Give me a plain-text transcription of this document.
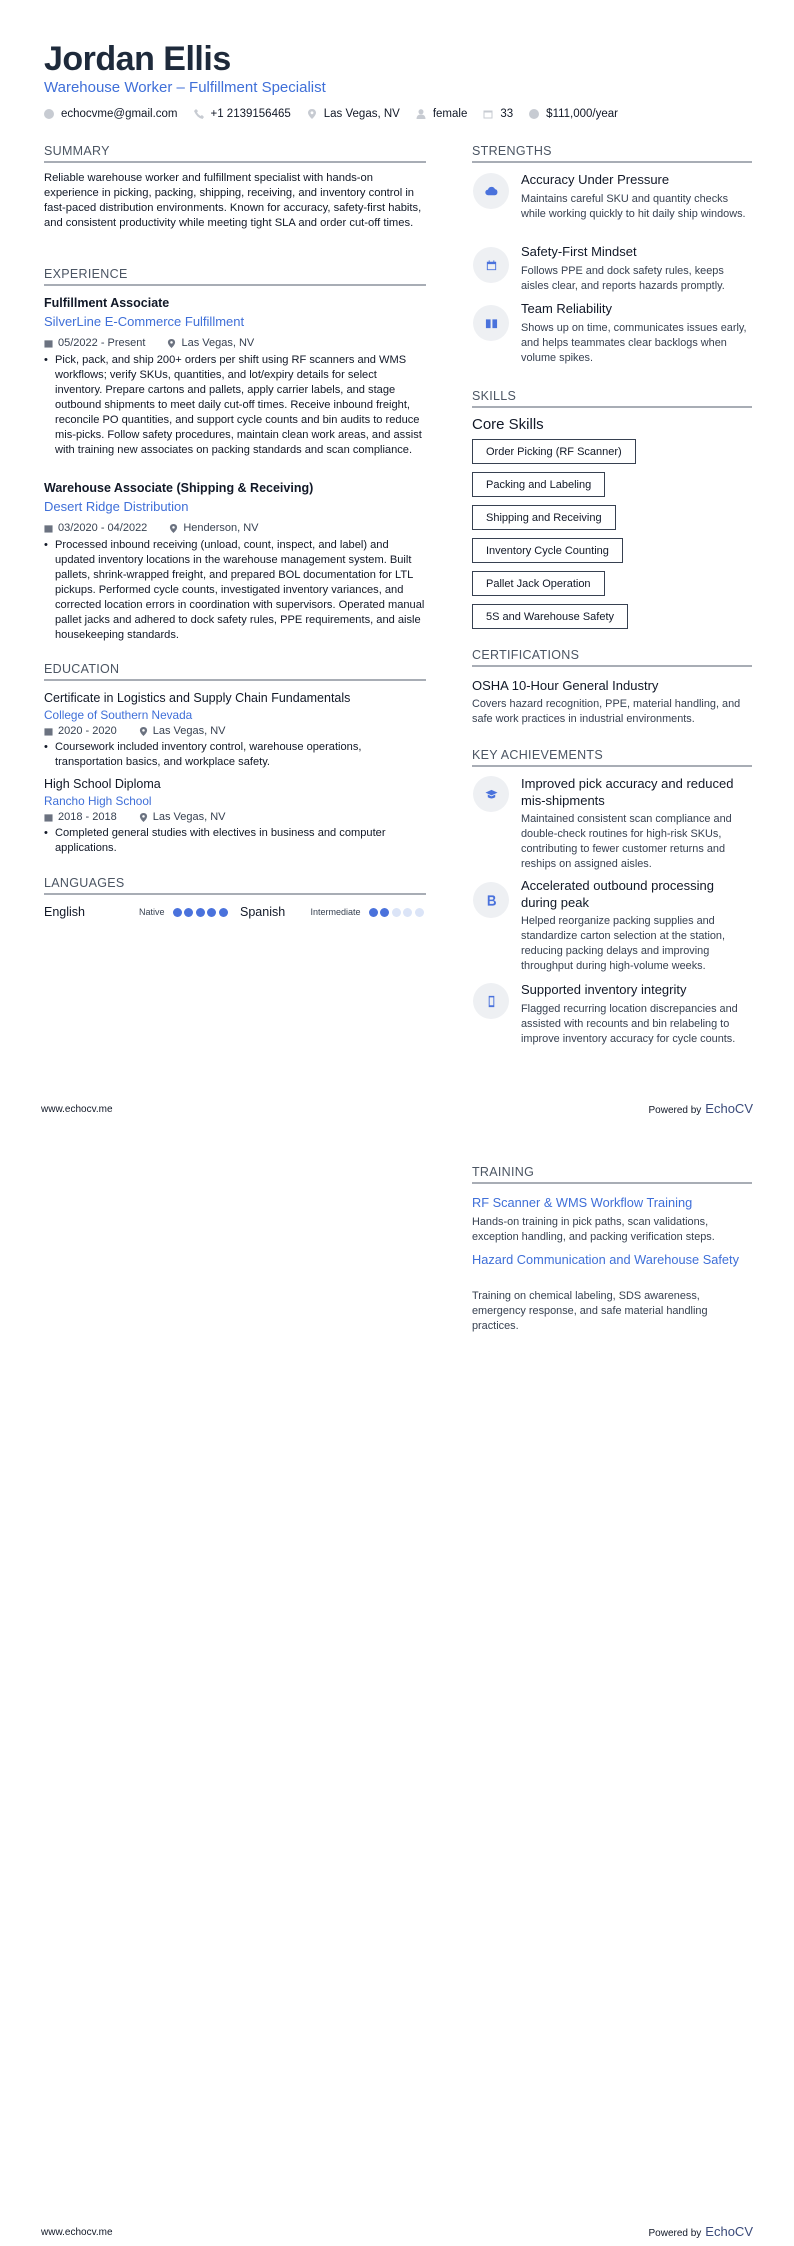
Jordan Ellis
Warehouse Worker – Fulfillment Specialist
echocvme@gmail.com	+1 2139156465	Las Vegas, NV	female	33	$111,000/year
SUMMARY
Reliable warehouse worker and fulfillment specialist with hands-on experience in picking, packing, shipping, receiving, and inventory control in fast-paced distribution environments. Known for accuracy, safety-first habits, and consistent productivity while meeting tight SLA and order cut-off times.
EXPERIENCE
Fulfillment Associate
SilverLine E-Commerce Fulfillment
05/2022 - Present	Las Vegas, NV
• Pick, pack, and ship 200+ orders per shift using RF scanners and WMS workflows; verify SKUs, quantities, and lot/expiry details for select inventory. Prepare cartons and pallets, apply carrier labels, and stage outbound shipments to meet daily cut-off times. Receive inbound freight, reconcile PO quantities, and support cycle counts and bin audits to reduce mis-picks. Follow safety procedures, maintain clean work areas, and assist with training new associates on packing standards and scan compliance.
Warehouse Associate (Shipping & Receiving)
Desert Ridge Distribution
03/2020 - 04/2022	Henderson, NV
• Processed inbound receiving (unload, count, inspect, and label) and updated inventory locations in the warehouse management system. Built pallets, shrink-wrapped freight, and prepared BOL documentation for LTL pickups. Performed cycle counts, investigated inventory variances, and corrected location errors in coordination with supervisors. Operated manual pallet jacks and adhered to dock safety rules, PPE requirements, and aisle housekeeping standards.
EDUCATION
Certificate in Logistics and Supply Chain Fundamentals
College of Southern Nevada
2020 - 2020	Las Vegas, NV
• Coursework included inventory control, warehouse operations, transportation basics, and workplace safety.
High School Diploma
Rancho High School
2018 - 2018	Las Vegas, NV
• Completed general studies with electives in business and computer applications.
LANGUAGES
English	Native	Spanish	Intermediate
STRENGTHS
Accuracy Under Pressure
Maintains careful SKU and quantity checks while working quickly to hit daily ship windows.
Safety-First Mindset
Follows PPE and dock safety rules, keeps aisles clear, and reports hazards promptly.
Team Reliability
Shows up on time, communicates issues early, and helps teammates clear backlogs when volume spikes.
SKILLS
Core Skills
Order Picking (RF Scanner)
Packing and Labeling
Shipping and Receiving
Inventory Cycle Counting
Pallet Jack Operation
5S and Warehouse Safety
CERTIFICATIONS
OSHA 10-Hour General Industry
Covers hazard recognition, PPE, material handling, and safe work practices in industrial environments.
KEY ACHIEVEMENTS
Improved pick accuracy and reduced mis-shipments
Maintained consistent scan compliance and double-check routines for high-risk SKUs, contributing to fewer customer returns and reships on assigned aisles.
Accelerated outbound processing during peak
Helped reorganize packing supplies and standardize carton selection at the station, reducing packing delays and improving throughput during high-volume weeks.
Supported inventory integrity
Flagged recurring location discrepancies and assisted with recounts and bin relabeling to improve inventory accuracy for cycle counts.
www.echocv.me	Powered by EchoCV
TRAINING
RF Scanner & WMS Workflow Training
Hands-on training in pick paths, scan validations, exception handling, and packing verification steps.
Hazard Communication and Warehouse Safety
Training on chemical labeling, SDS awareness, emergency response, and safe material handling practices.
www.echocv.me	Powered by EchoCV
